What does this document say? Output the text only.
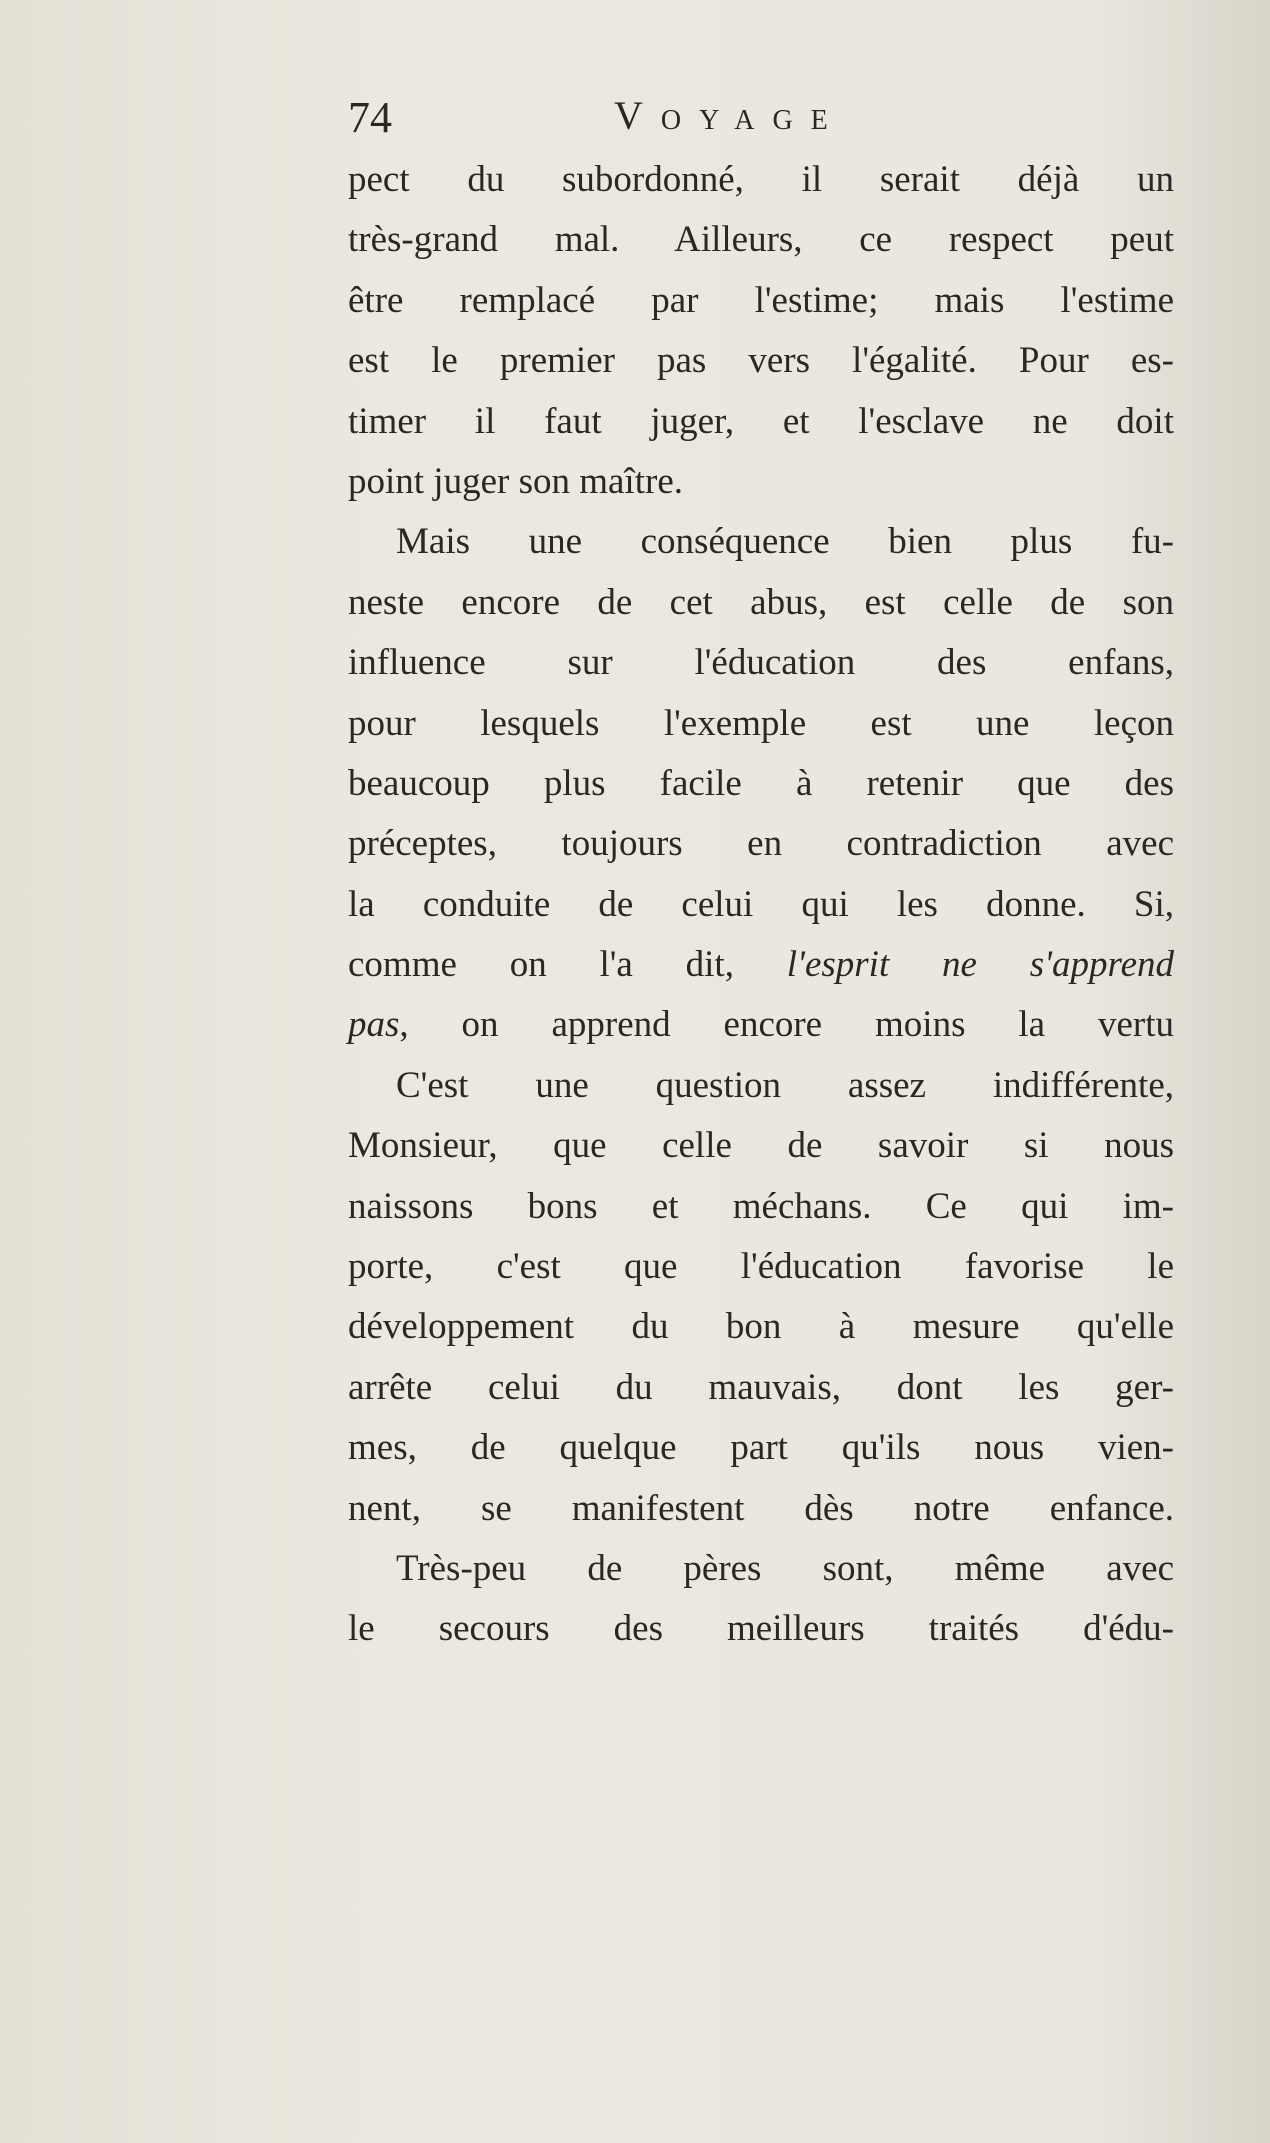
74	Voyage
pect du subordonné, il serait déjà un
très-grand mal. Ailleurs, ce respect peut
être remplacé par l'estime; mais l'estime
est le premier pas vers l'égalité. Pour es-
timer il faut juger, et l'esclave ne doit
point juger son maître.
Mais une conséquence bien plus fu-
neste encore de cet abus, est celle de son
influence sur l'éducation des enfans,
pour lesquels l'exemple est une leçon
beaucoup plus facile à retenir que des
préceptes, toujours en contradiction avec
la conduite de celui qui les donne. Si,
comme on l'a dit, l'esprit ne s'apprend
pas, on apprend encore moins la vertu
C'est une question assez indifférente,
Monsieur, que celle de savoir si nous
naissons bons et méchans. Ce qui im-
porte, c'est que l'éducation favorise le
développement du bon à mesure qu'elle
arrête celui du mauvais, dont les ger-
mes, de quelque part qu'ils nous vien-
nent, se manifestent dès notre enfance.
Très-peu de pères sont, même avec
le secours des meilleurs traités d'édu-
